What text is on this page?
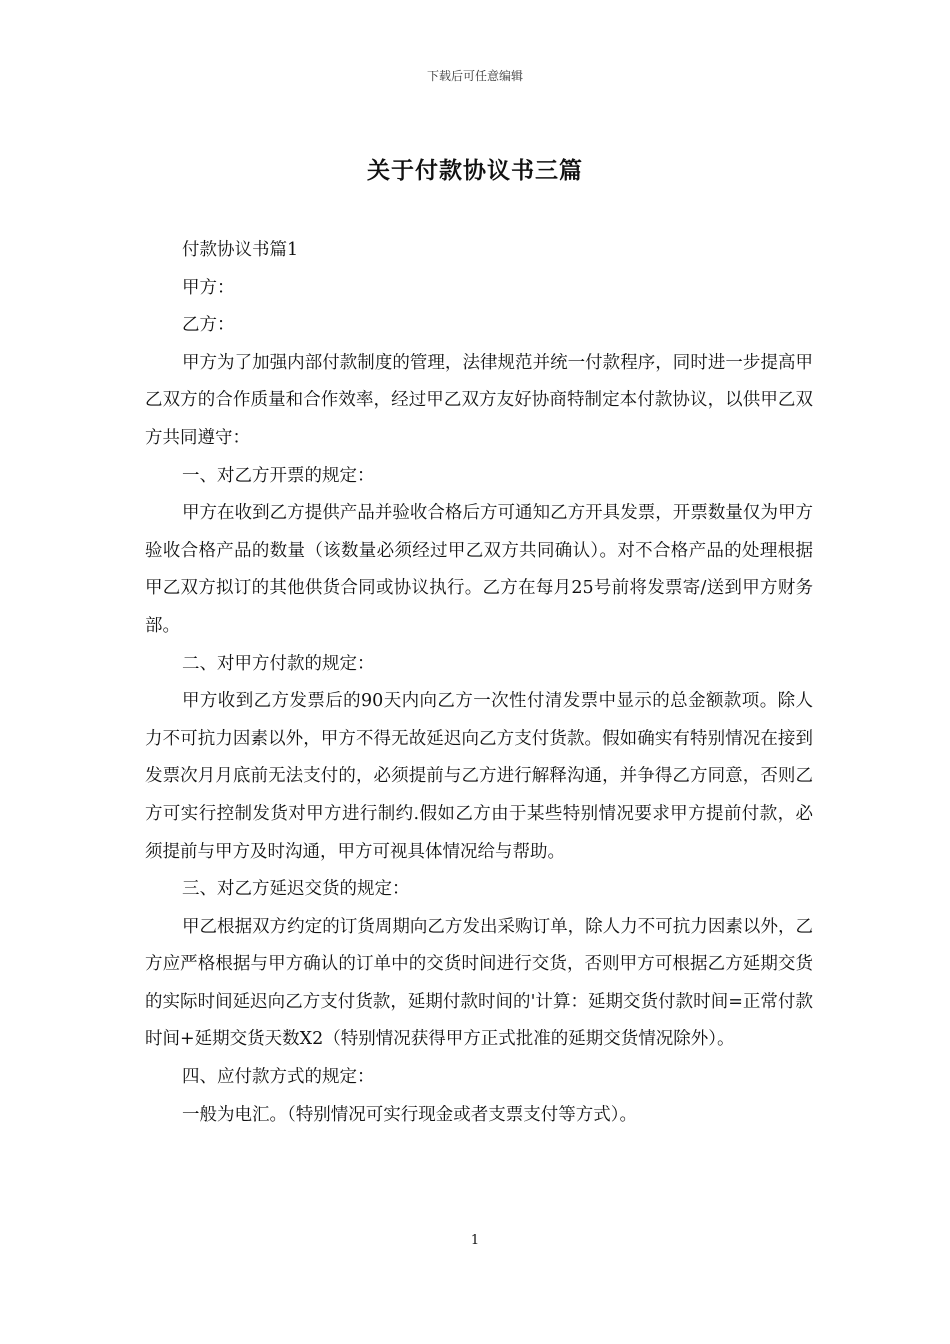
下载后可任意编辑
关于付款协议书三篇

付款协议书篇1

甲方：

乙方：

甲方为了加强内部付款制度的管理，法律规范并统一付款程序，同时进一步提高甲乙双方的合作质量和合作效率，经过甲乙双方友好协商特制定本付款协议，以供甲乙双方共同遵守：

一、对乙方开票的规定：

甲方在收到乙方提供产品并验收合格后方可通知乙方开具发票，开票数量仅为甲方验收合格产品的数量（该数量必须经过甲乙双方共同确认）。对不合格产品的处理根据甲乙双方拟订的其他供货合同或协议执行。乙方在每月25号前将发票寄/送到甲方财务部。

二、对甲方付款的规定：

甲方收到乙方发票后的90天内向乙方一次性付清发票中显示的总金额款项。除人力不可抗力因素以外，甲方不得无故延迟向乙方支付货款。假如确实有特别情况在接到发票次月月底前无法支付的，必须提前与乙方进行解释沟通，并争得乙方同意，否则乙方可实行控制发货对甲方进行制约.假如乙方由于某些特别情况要求甲方提前付款，必须提前与甲方及时沟通，甲方可视具体情况给与帮助。

三、对乙方延迟交货的规定：

甲乙根据双方约定的订货周期向乙方发出采购订单，除人力不可抗力因素以外，乙方应严格根据与甲方确认的订单中的交货时间进行交货，否则甲方可根据乙方延期交货的实际时间延迟向乙方支付货款，延期付款时间的'计算：延期交货付款时间=正常付款时间+延期交货天数X2（特别情况获得甲方正式批准的延期交货情况除外）。

四、应付款方式的规定：

一般为电汇。（特别情况可实行现金或者支票支付等方式）。

1
